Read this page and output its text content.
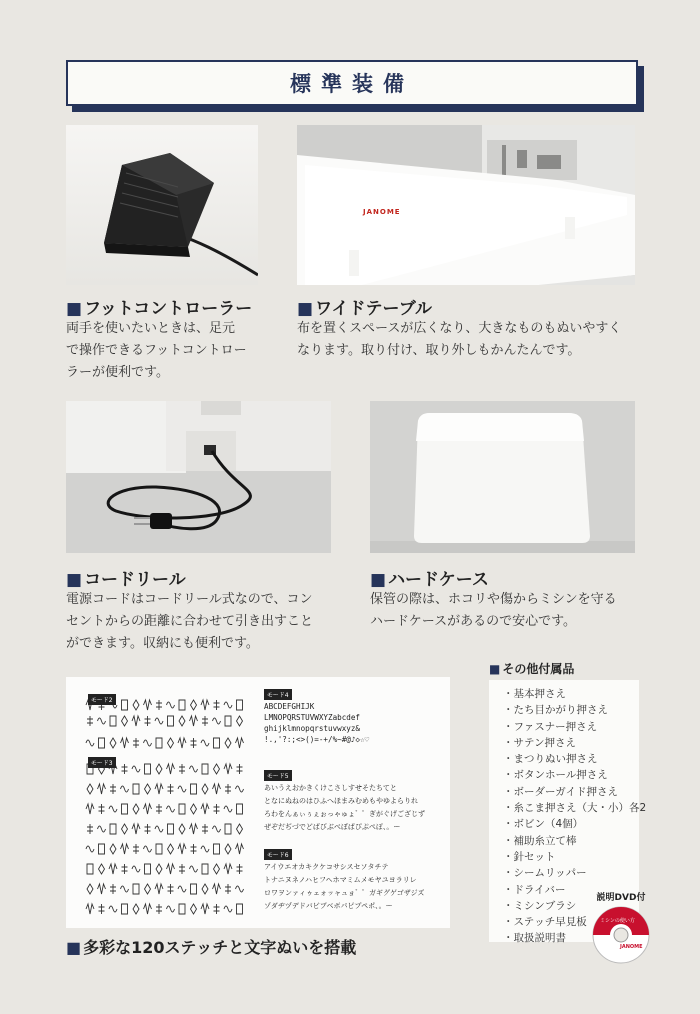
標準装備
JANOME
■ フットコントローラー
両手を使いたいときは、足元
で操作できるフットコントロー
ラーが便利です。
■ ワイドテーブル
布を置くスペースが広くなり、大きなものもぬいやすく
なります。取り付け、取り外しもかんたんです。
■ コードリール
電源コードはコードリール式なので、コン
セントからの距離に合わせて引き出すこと
ができます。収納にも便利です。
■ ハードケース
保管の際は、ホコリや傷からミシンを守る
ハードケースがあるので安心です。
モード2
モード3
モード4
モード5
モード6
ABCDEFGHIJK
LMNOPQRSTUVWXYZabcdef
ghijklmnopqrstuvwxyz&
!.,'?:;<>()=-+/%~#@♪◇☆♡
あいうえおかきくけこさしすせそたちてと
となにぬねのはひふへほまみむめもやゆよらりれ
ろわをんぁぃぅぇぉっゃゅょ゛゜ぎがぐげござじず
ぜぞだぢづでどばびぶべぼぱぴぷぺぽ、。ー
アイウエオカキクケコサシスセソタチテ
トナニヌネノハヒフヘホマミムメモヤユヨラリレ
ロワヲンァィゥェォッャュョ゛゜ガギグゲゴザジズ
ゾダヂヅデドバビブベボパピプペポ、。ー
■ 多彩な120ステッチと文字ぬいを搭載
■ その他付属品
・基本押さえ
・たち目かがり押さえ
・ファスナー押さえ
・サテン押さえ
・まつりぬい押さえ
・ボタンホール押さえ
・ボーダーガイド押さえ
・糸こま押さえ（大・小）各2
・ボビン（4個）
・補助糸立て棒
・針セット
・シームリッパー
・ドライバー
・ミシンブラシ
・ステッチ早見板
・取扱説明書
説明DVD付
ミシンの使い方
JANOME
